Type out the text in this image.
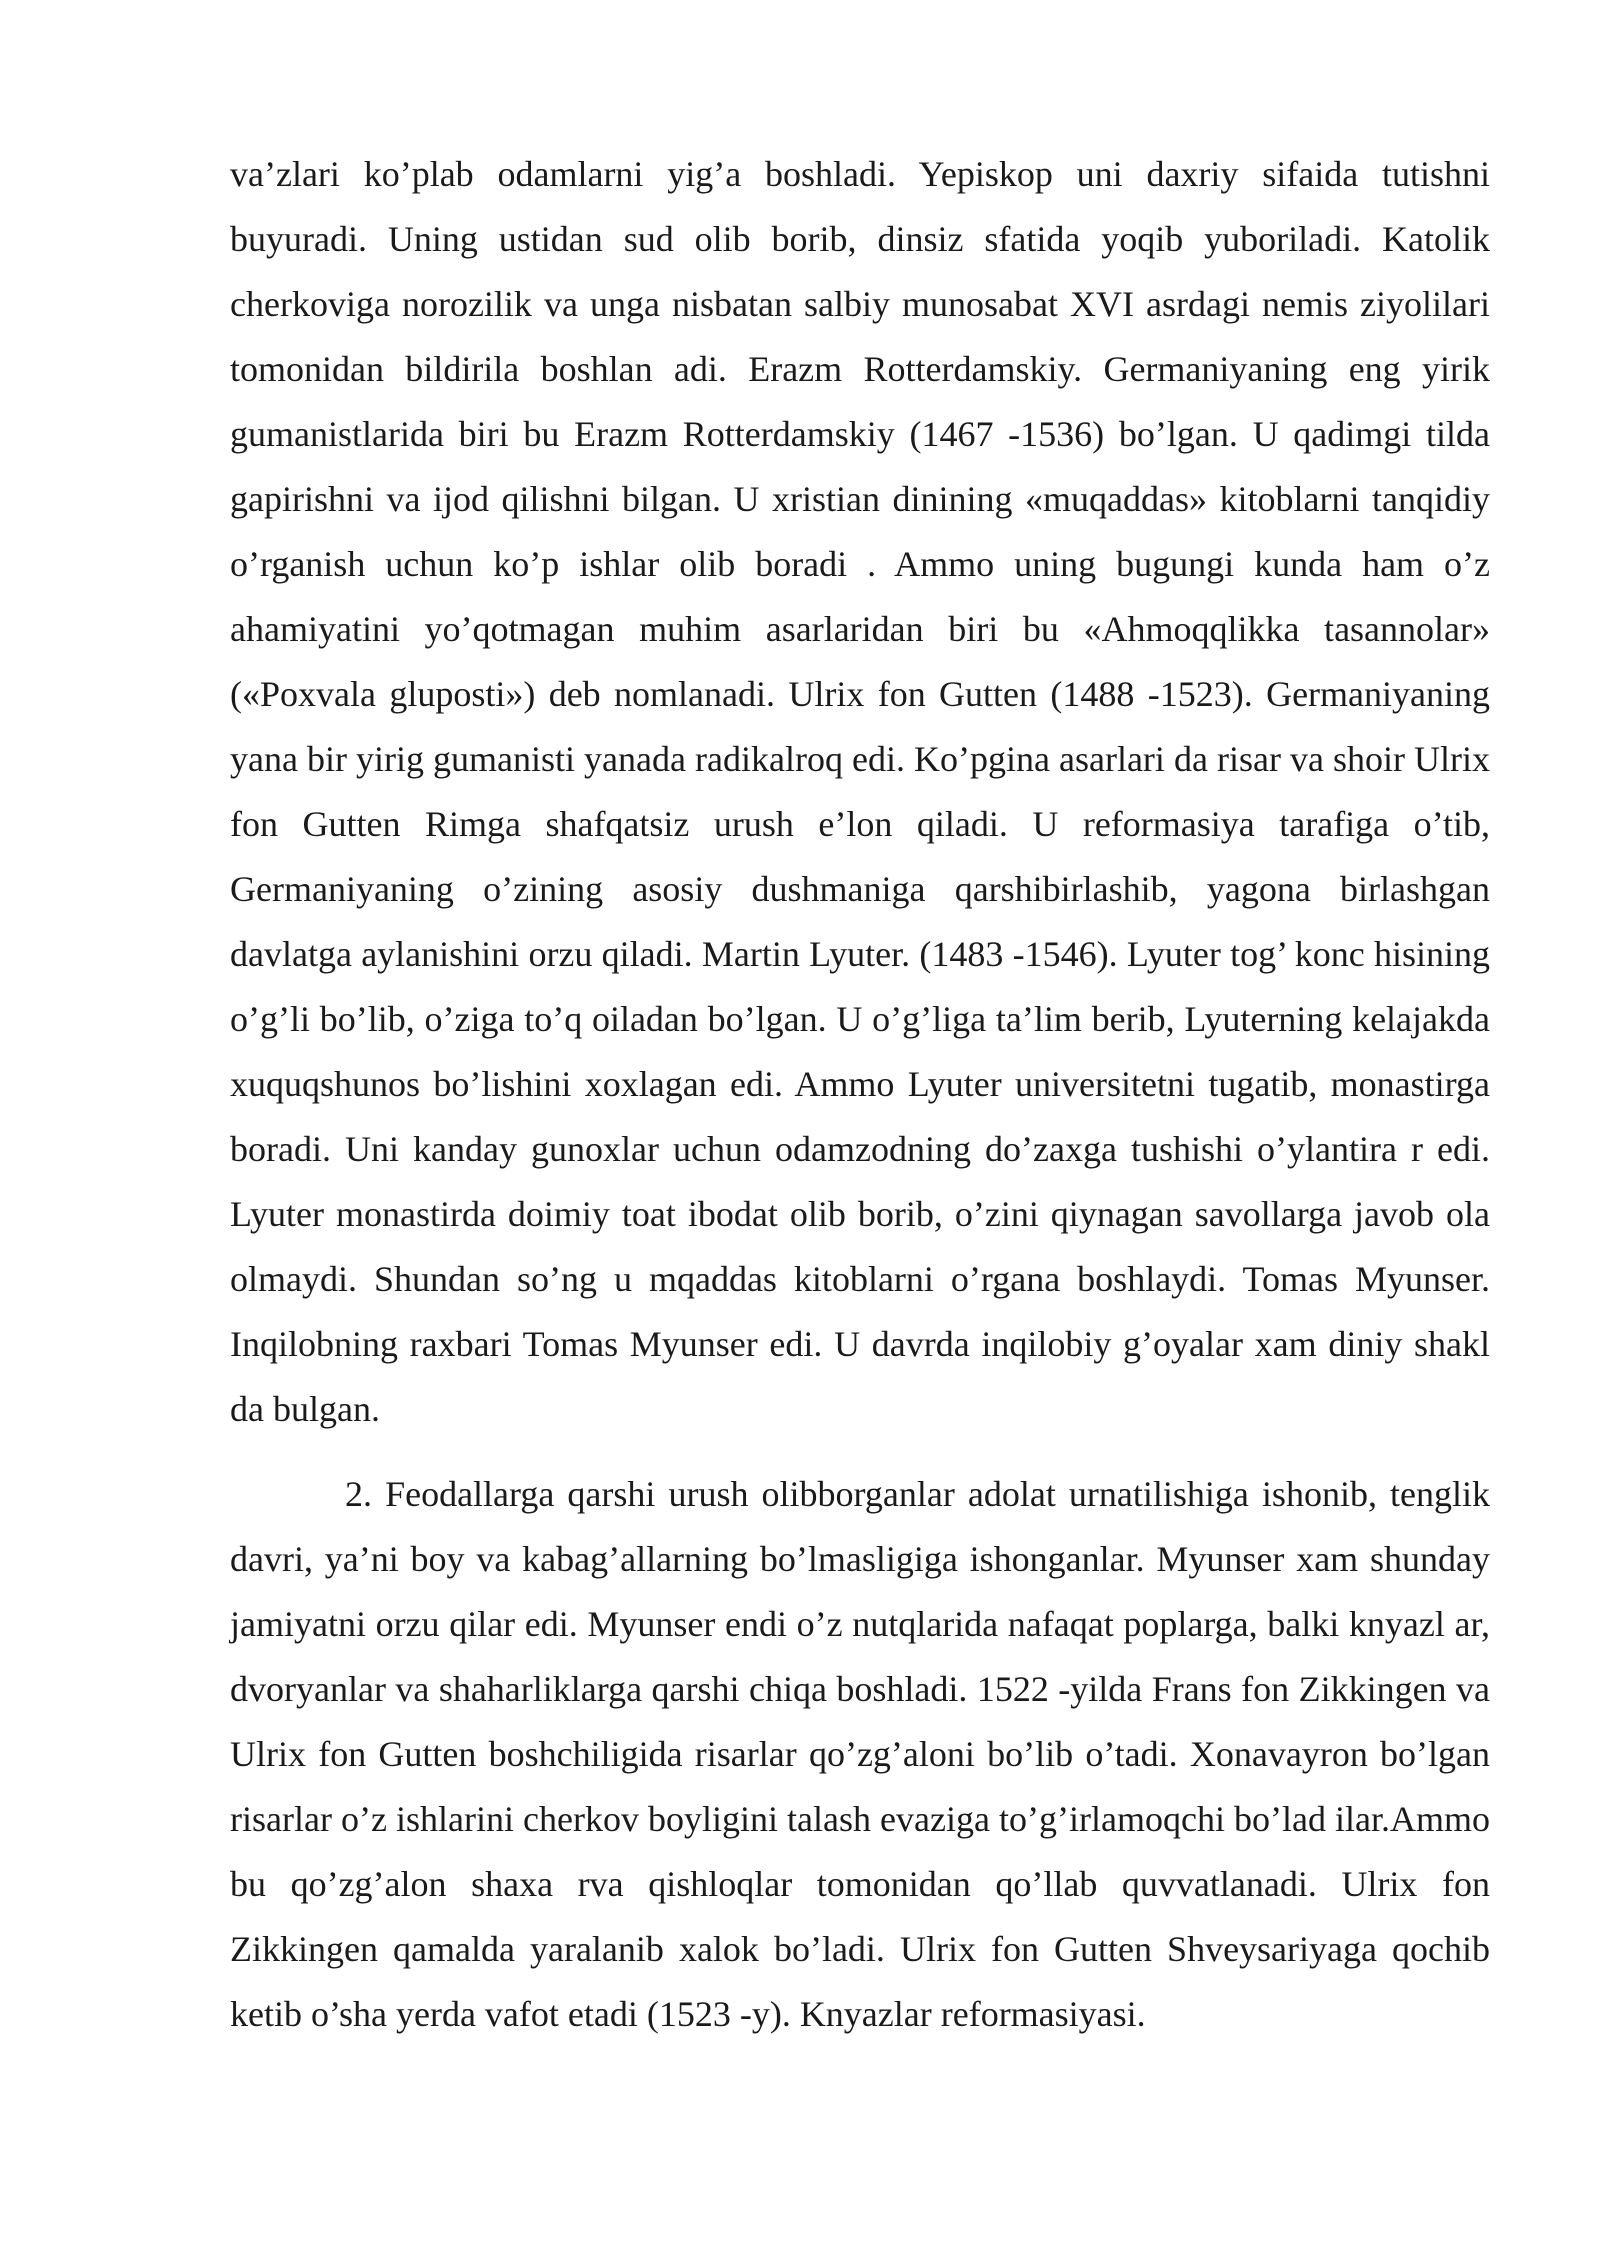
va’zlari ko’plab odamlarni yig’a boshladi. Yepiskop uni daxriy sifaida tutishni buyuradi. Uning ustidan sud olib borib, dinsiz sfatida yoqib yuboriladi. Katolik cherkoviga norozilik va unga nisbatan salbiy munosabat XVI asrdagi nemis ziyolilari tomonidan bildirila boshlan adi. Erazm Rotterdamskiy. Germaniyaning eng yirik gumanistlarida biri bu Erazm Rotterdamskiy (1467 -1536) bo’lgan. U qadimgi tilda gapirishni va ijod qilishni bilgan. U xristian dinining «muqaddas» kitoblarni tanqidiy o’rganish uchun ko’p ishlar olib boradi . Ammo uning bugungi kunda ham o’z ahamiyatini yo’qotmagan muhim asarlaridan biri bu «Ahmoqqlikka tasannolar» («Poxvala gluposti») deb nomlanadi. Ulrix fon Gutten (1488 -1523). Germaniyaning yana bir yirig gumanisti yanada radikalroq edi. Ko’pgina asarlari da risar va shoir Ulrix fon Gutten Rimga shafqatsiz urush e’lon qiladi. U reformasiya tarafiga o’tib, Germaniyaning o’zining asosiy dushmaniga qarshibirlashib, yagona birlashgan davlatga aylanishini orzu qiladi. Martin Lyuter. (1483 -1546). Lyuter tog’ konc hisining o’g’li bo’lib, o’ziga to’q oiladan bo’lgan. U o’g’liga ta’lim berib, Lyuterning kelajakda xuquqshunos bo’lishini xoxlagan edi. Ammo Lyuter universitetni tugatib, monastirga boradi. Uni kanday gunoxlar uchun odamzodning do’zaxga tushishi o’ylantira r edi. Lyuter monastirda doimiy toat ibodat olib borib, o’zini qiynagan savollarga javob ola olmaydi. Shundan so’ng u mqaddas kitoblarni o’rgana boshlaydi. Tomas Myunser. Inqilobning raxbari Tomas Myunser edi. U davrda inqilobiy g’oyalar xam diniy shakl da bulgan.

2. Feodallarga qarshi urush olibborganlar adolat urnatilishiga ishonib, tenglik davri, ya’ni boy va kabag’allarning bo’lmasligiga ishonganlar. Myunser xam shunday jamiyatni orzu qilar edi. Myunser endi o’z nutqlarida nafaqat poplarga, balki knyazl ar, dvoryanlar va shaharliklarga qarshi chiqa boshladi. 1522 -yilda Frans fon Zikkingen va Ulrix fon Gutten boshchiligida risarlar qo’zg’aloni bo’lib o’tadi. Xonavayron bo’lgan risarlar o’z ishlarini cherkov boyligini talash evaziga to’g’irlamoqchi bo’lad ilar.Ammo bu qo’zg’alon shaxa rva qishloqlar tomonidan qo’llab quvvatlanadi. Ulrix fon Zikkingen qamalda yaralanib xalok bo’ladi. Ulrix fon Gutten Shveysariyaga qochib ketib o’sha yerda vafot etadi (1523 -y). Knyazlar reformasiyasi.
